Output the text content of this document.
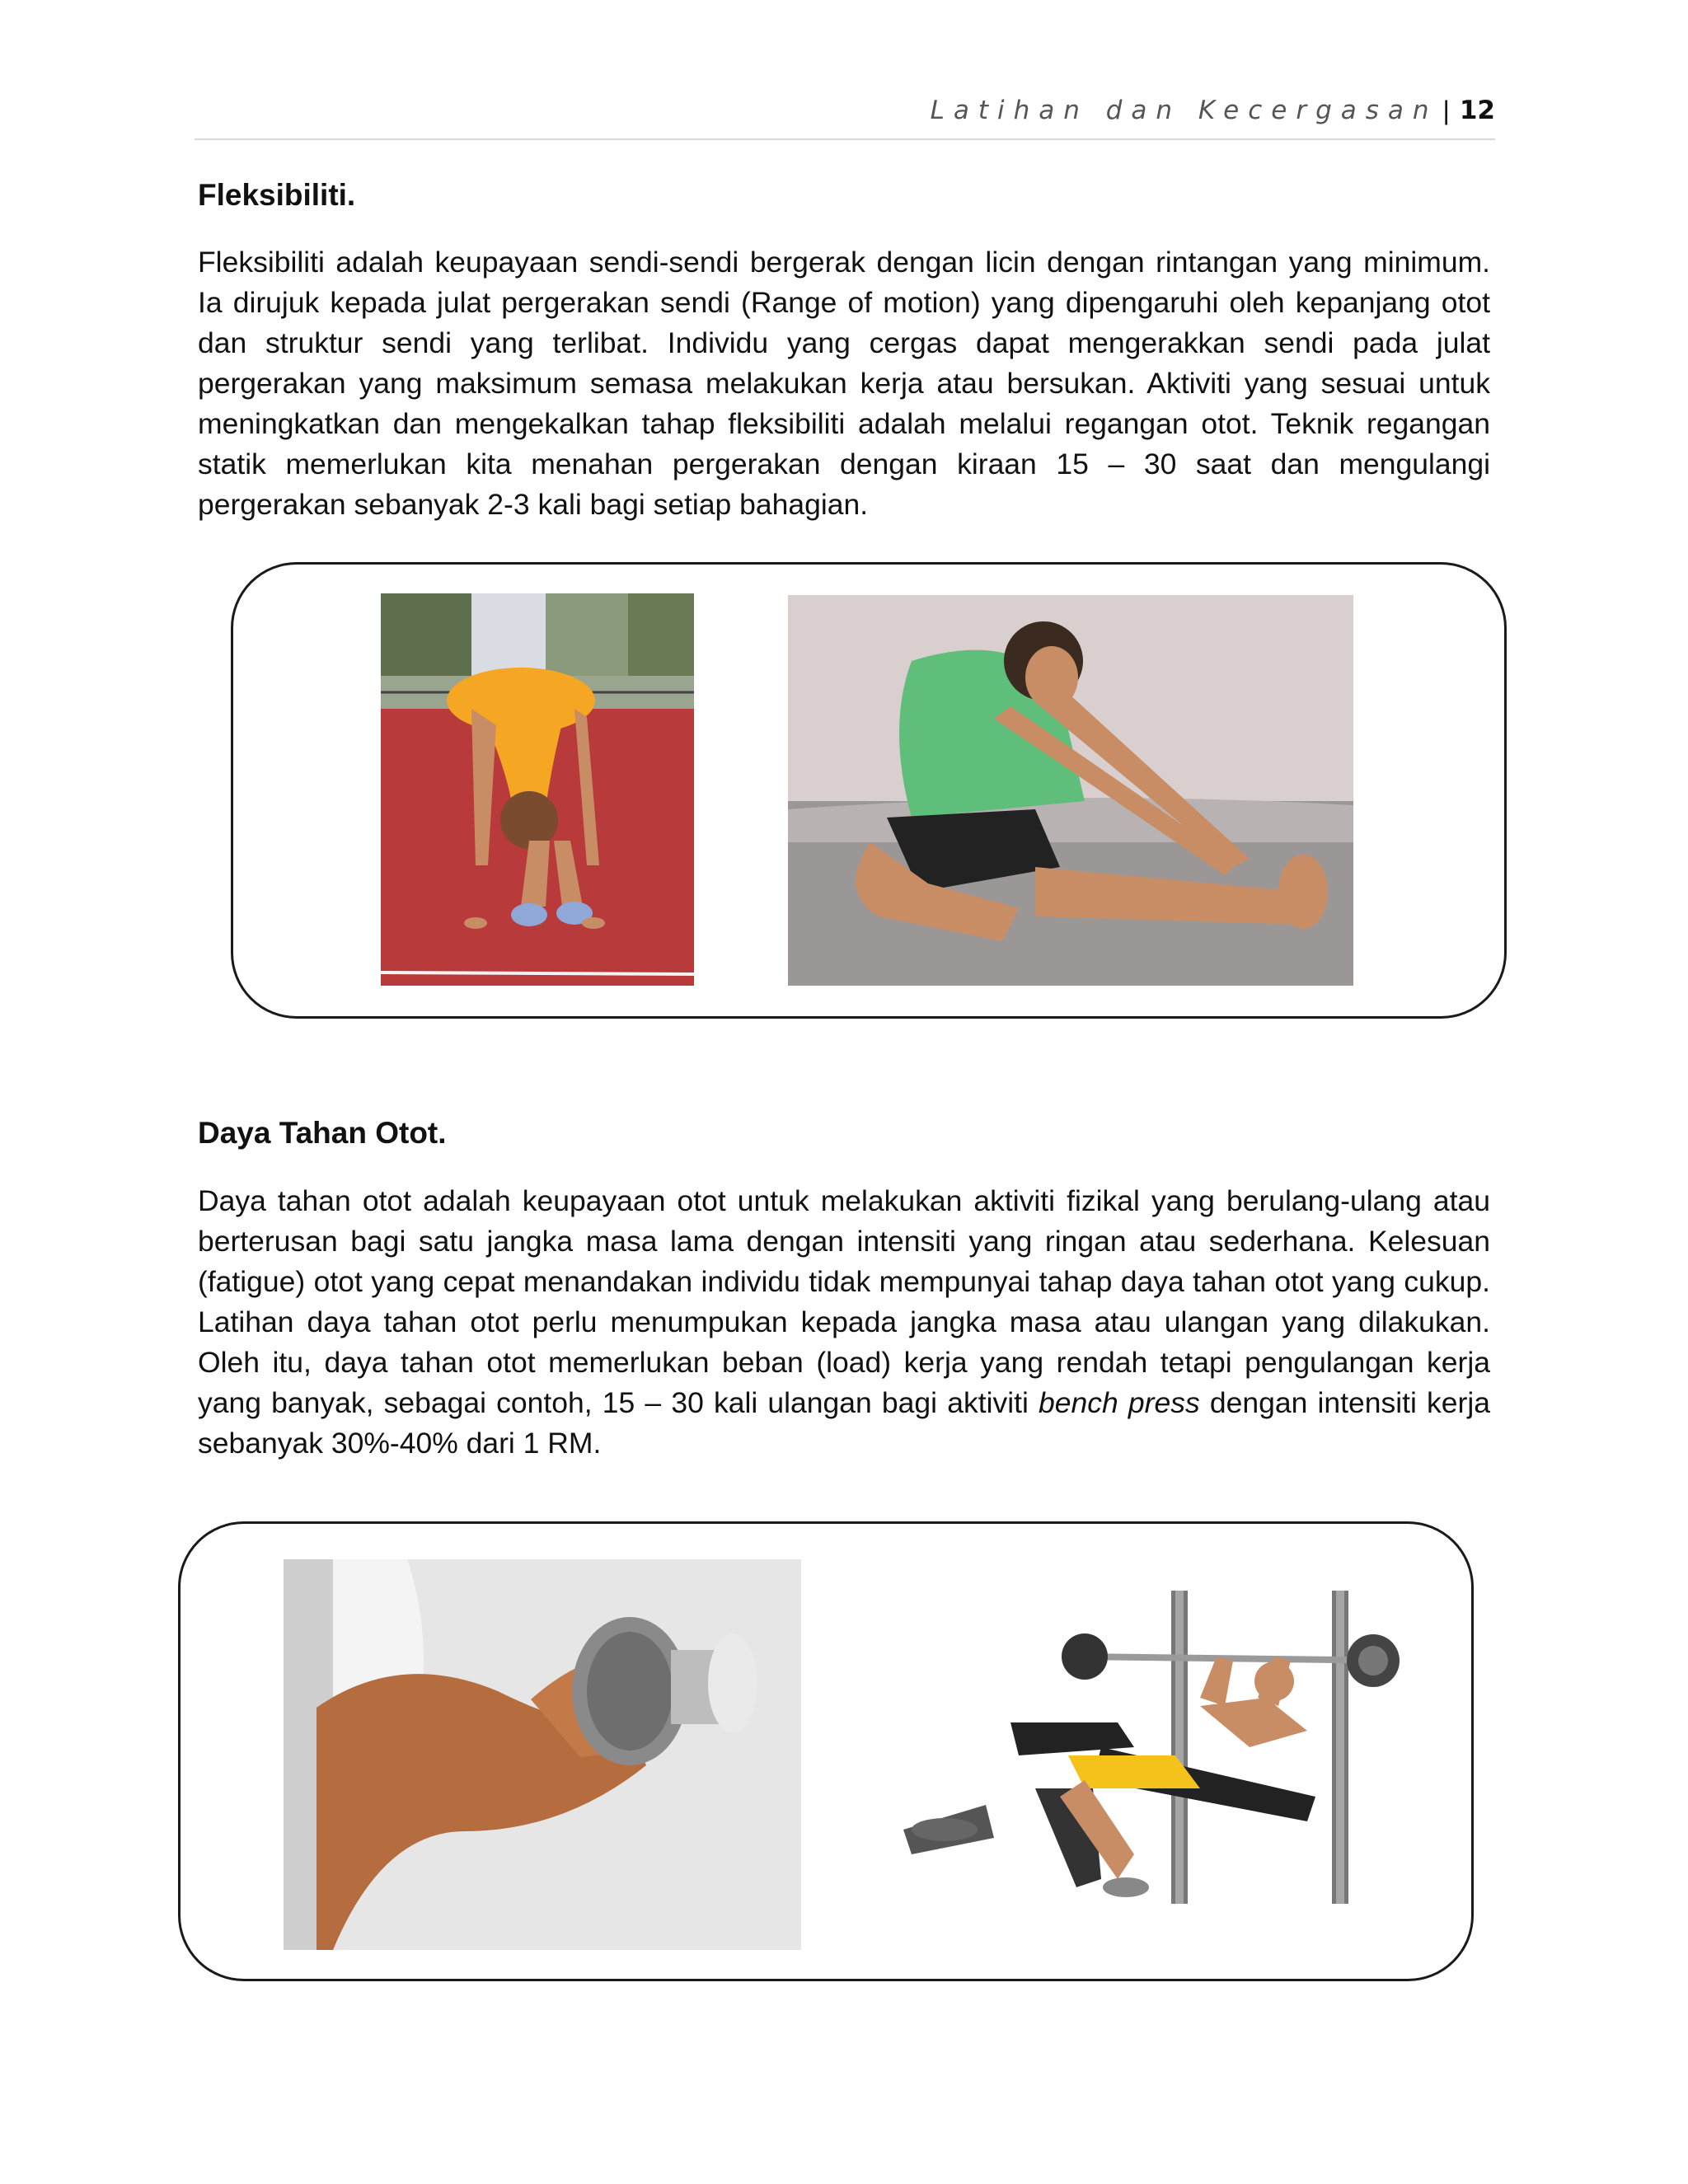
Latihan dan Kecergasan | 12
Fleksibiliti.

Fleksibiliti adalah keupayaan sendi-sendi bergerak dengan licin dengan rintangan yang minimum. Ia dirujuk kepada julat pergerakan sendi (Range of motion) yang dipengaruhi oleh kepanjang otot dan struktur sendi yang terlibat. Individu yang cergas dapat mengerakkan sendi pada julat pergerakan yang maksimum semasa melakukan kerja atau bersukan. Aktiviti yang sesuai untuk meningkatkan dan mengekalkan tahap fleksibiliti adalah melalui regangan otot. Teknik regangan statik memerlukan kita menahan pergerakan dengan kiraan 15 – 30 saat dan mengulangi pergerakan sebanyak 2-3 kali bagi setiap bahagian.

Daya Tahan Otot.

Daya tahan otot adalah keupayaan otot untuk melakukan aktiviti fizikal yang berulang-ulang atau berterusan bagi satu jangka masa lama dengan intensiti yang ringan atau sederhana. Kelesuan (fatigue) otot yang cepat menandakan individu tidak mempunyai tahap daya tahan otot yang cukup. Latihan daya tahan otot perlu menumpukan kepada jangka masa atau ulangan yang dilakukan. Oleh itu, daya tahan otot memerlukan beban (load) kerja yang rendah tetapi pengulangan kerja yang banyak, sebagai contoh, 15 – 30 kali ulangan bagi aktiviti bench press dengan intensiti kerja sebanyak 30%-40% dari 1 RM.
